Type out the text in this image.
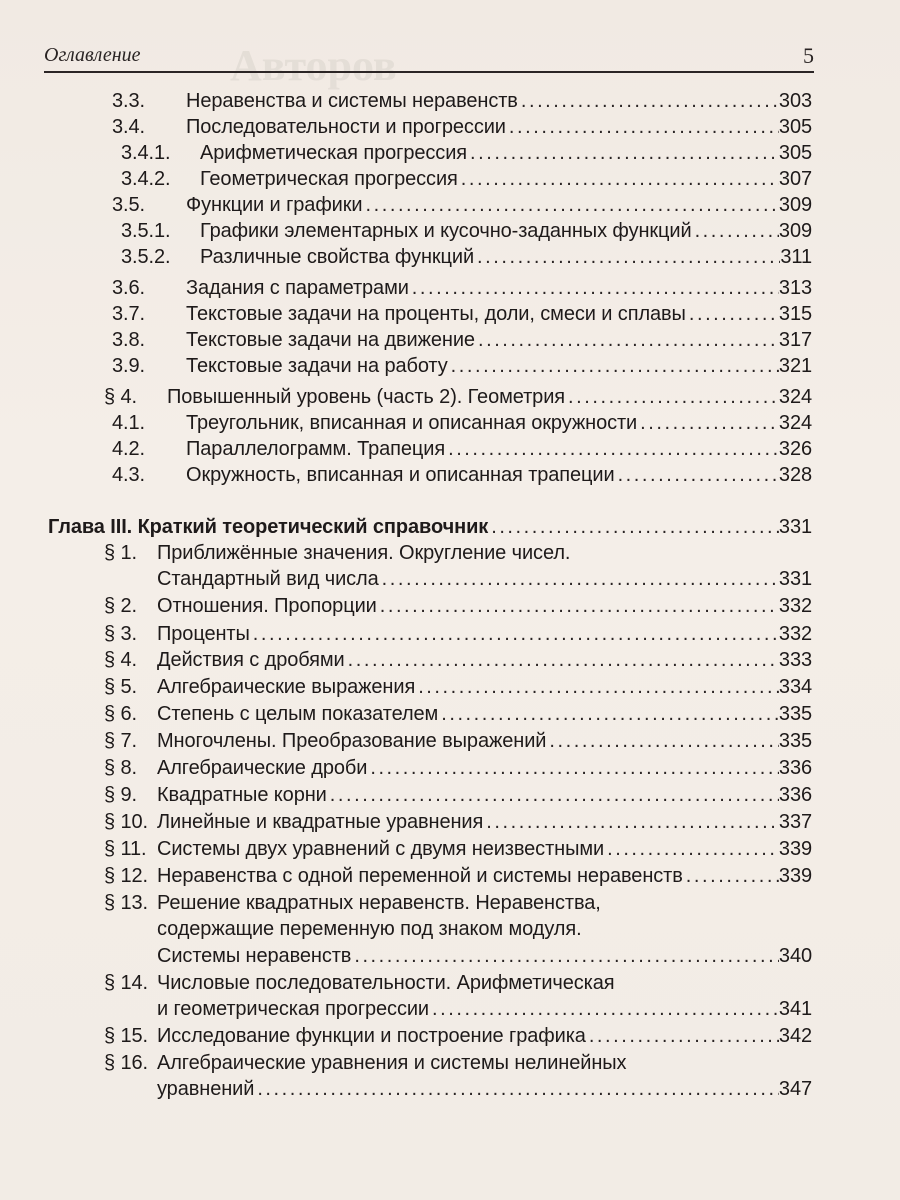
Авторов
Оглавление	5
3.3. Неравенства и системы неравенств . . .	303
3.4. Последовательности и прогрессии . . .	305
3.4.1. Арифметическая прогрессия . . .	305
3.4.2. Геометрическая прогрессия . . .	307
3.5. Функции и графики . . .	309
3.5.1. Графики элементарных и кусочно-заданных функций . . .	309
3.5.2. Различные свойства функций . . .	311
3.6. Задания с параметрами . . .	313
3.7. Текстовые задачи на проценты, доли, смеси и сплавы . . .	315
3.8. Текстовые задачи на движение . . .	317
3.9. Текстовые задачи на работу . . .	321
§ 4. Повышенный уровень (часть 2). Геометрия . . .	324
4.1. Треугольник, вписанная и описанная окружности . . .	324
4.2. Параллелограмм. Трапеция . . .	326
4.3. Окружность, вписанная и описанная трапеции . . .	328
Глава III. Краткий теоретический справочник . . .	331
§ 1. Приближённые значения. Округление чисел.
Стандартный вид числа . . .	331
§ 2. Отношения. Пропорции . . .	332
§ 3. Проценты . . .	332
§ 4. Действия с дробями . . .	333
§ 5. Алгебраические выражения . . .	334
§ 6. Степень с целым показателем . . .	335
§ 7. Многочлены. Преобразование выражений . . .	335
§ 8. Алгебраические дроби . . .	336
§ 9. Квадратные корни . . .	336
§ 10. Линейные и квадратные уравнения . . .	337
§ 11. Системы двух уравнений с двумя неизвестными . . .	339
§ 12. Неравенства с одной переменной и системы неравенств . . .	339
§ 13. Решение квадратных неравенств. Неравенства,
содержащие переменную под знаком модуля.
Системы неравенств . . .	340
§ 14. Числовые последовательности. Арифметическая
и геометрическая прогрессии . . .	341
§ 15. Исследование функции и построение графика . . .	342
§ 16. Алгебраические уравнения и системы нелинейных
уравнений . . .	347
